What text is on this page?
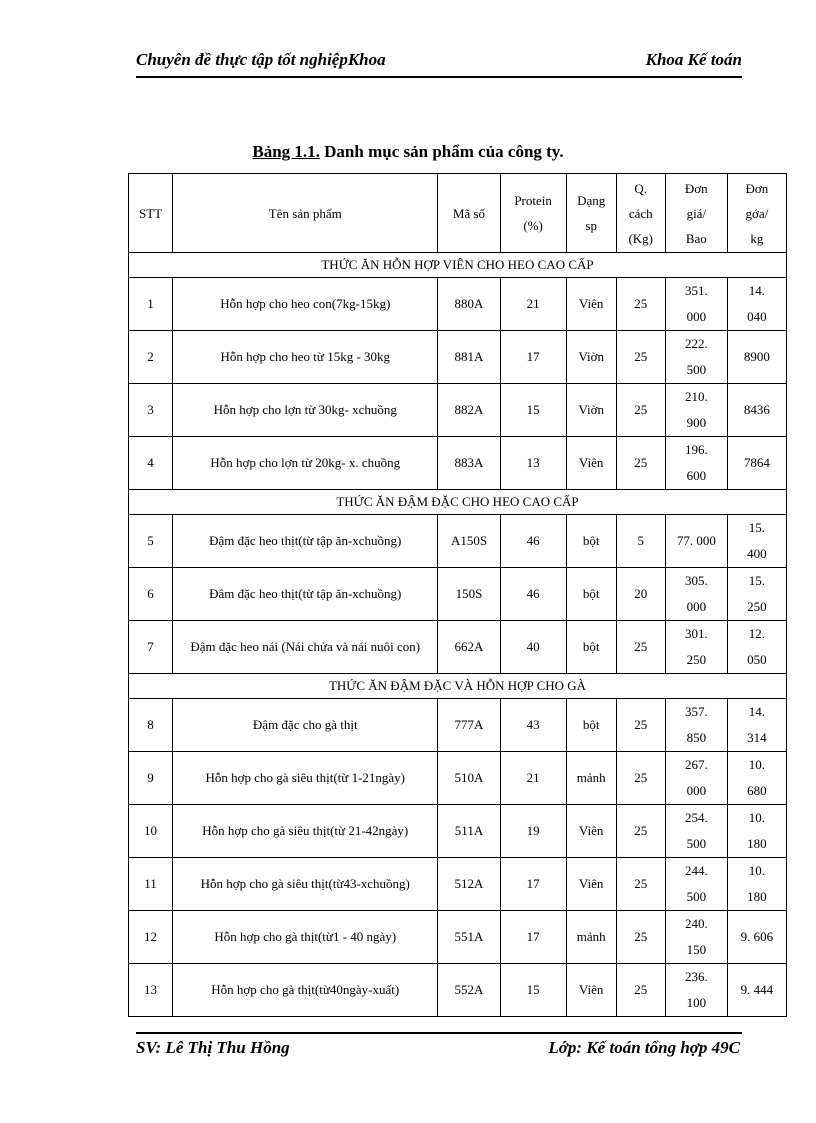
Chuyên đề thực tập tốt nghiệpKhoa	Khoa Kế toán
Bảng 1.1. Danh mục sản phẩm của công ty.
STT	Tên sản phẩm	Mã số	Protein
(%)	Dạng
sp	Q.
cách
(Kg)	Đơn
giá/
Bao	Đơn
gớa/
kg

THỨC ĂN HỖN HỢP VIÊN CHO HEO CAO CẤP							
1	Hỗn hợp cho heo con(7kg-15kg)	880A	21	Viên	25	351.
000	14.
040

2	Hỗn hợp cho heo từ 15kg - 30kg	881A	17	Viờn	25	222.
500	8900

3	Hỗn hợp cho lợn từ 30kg- xchuồng	882A	15	Viờn	25	210.
900	8436

4	Hỗn hợp cho lợn từ 20kg- x. chuồng	883A	13	Viên	25	196.
600	7864

THỨC ĂN ĐẬM ĐẶC CHO HEO CAO CẤP							
5	Đậm đặc heo thịt(từ tập ăn-xchuồng)	A150S	46	bột	5	77. 000	15.
400

6	Đâm đặc heo thịt(từ tập ăn-xchuồng)	150S	46	bột	20	305.
000	15.
250

7	Đậm đặc heo nái (Nái chửa và nái nuôi con)	662A	40	bột	25	301.
250	12.
050

THỨC ĂN ĐẬM ĐẶC VÀ HỖN HỢP CHO GÀ							
8	Đậm đặc cho gà thịt	777A	43	bột	25	357.
850	14.
314

9	Hỗn hợp cho gà siêu thịt(từ 1-21ngày)	510A	21	mảnh	25	267.
000	10.
680

10	Hỗn hợp cho gà siêu thịt(từ 21-42ngày)	511A	19	Viên	25	254.
500	10.
180

11	Hỗn hợp cho gà siêu thịt(từ43-xchuồng)	512A	17	Viên	25	244.
500	10.
180

12	Hỗn hợp cho gà thịt(từ1 - 40 ngày)	551A	17	mảnh	25	240.
150	9. 606

13	Hỗn hợp cho gà thịt(từ40ngày-xuất)	552A	15	Viên	25	236.
100	9. 444
SV: Lê Thị Thu Hồng	Lớp: Kế toán tổng hợp 49C
